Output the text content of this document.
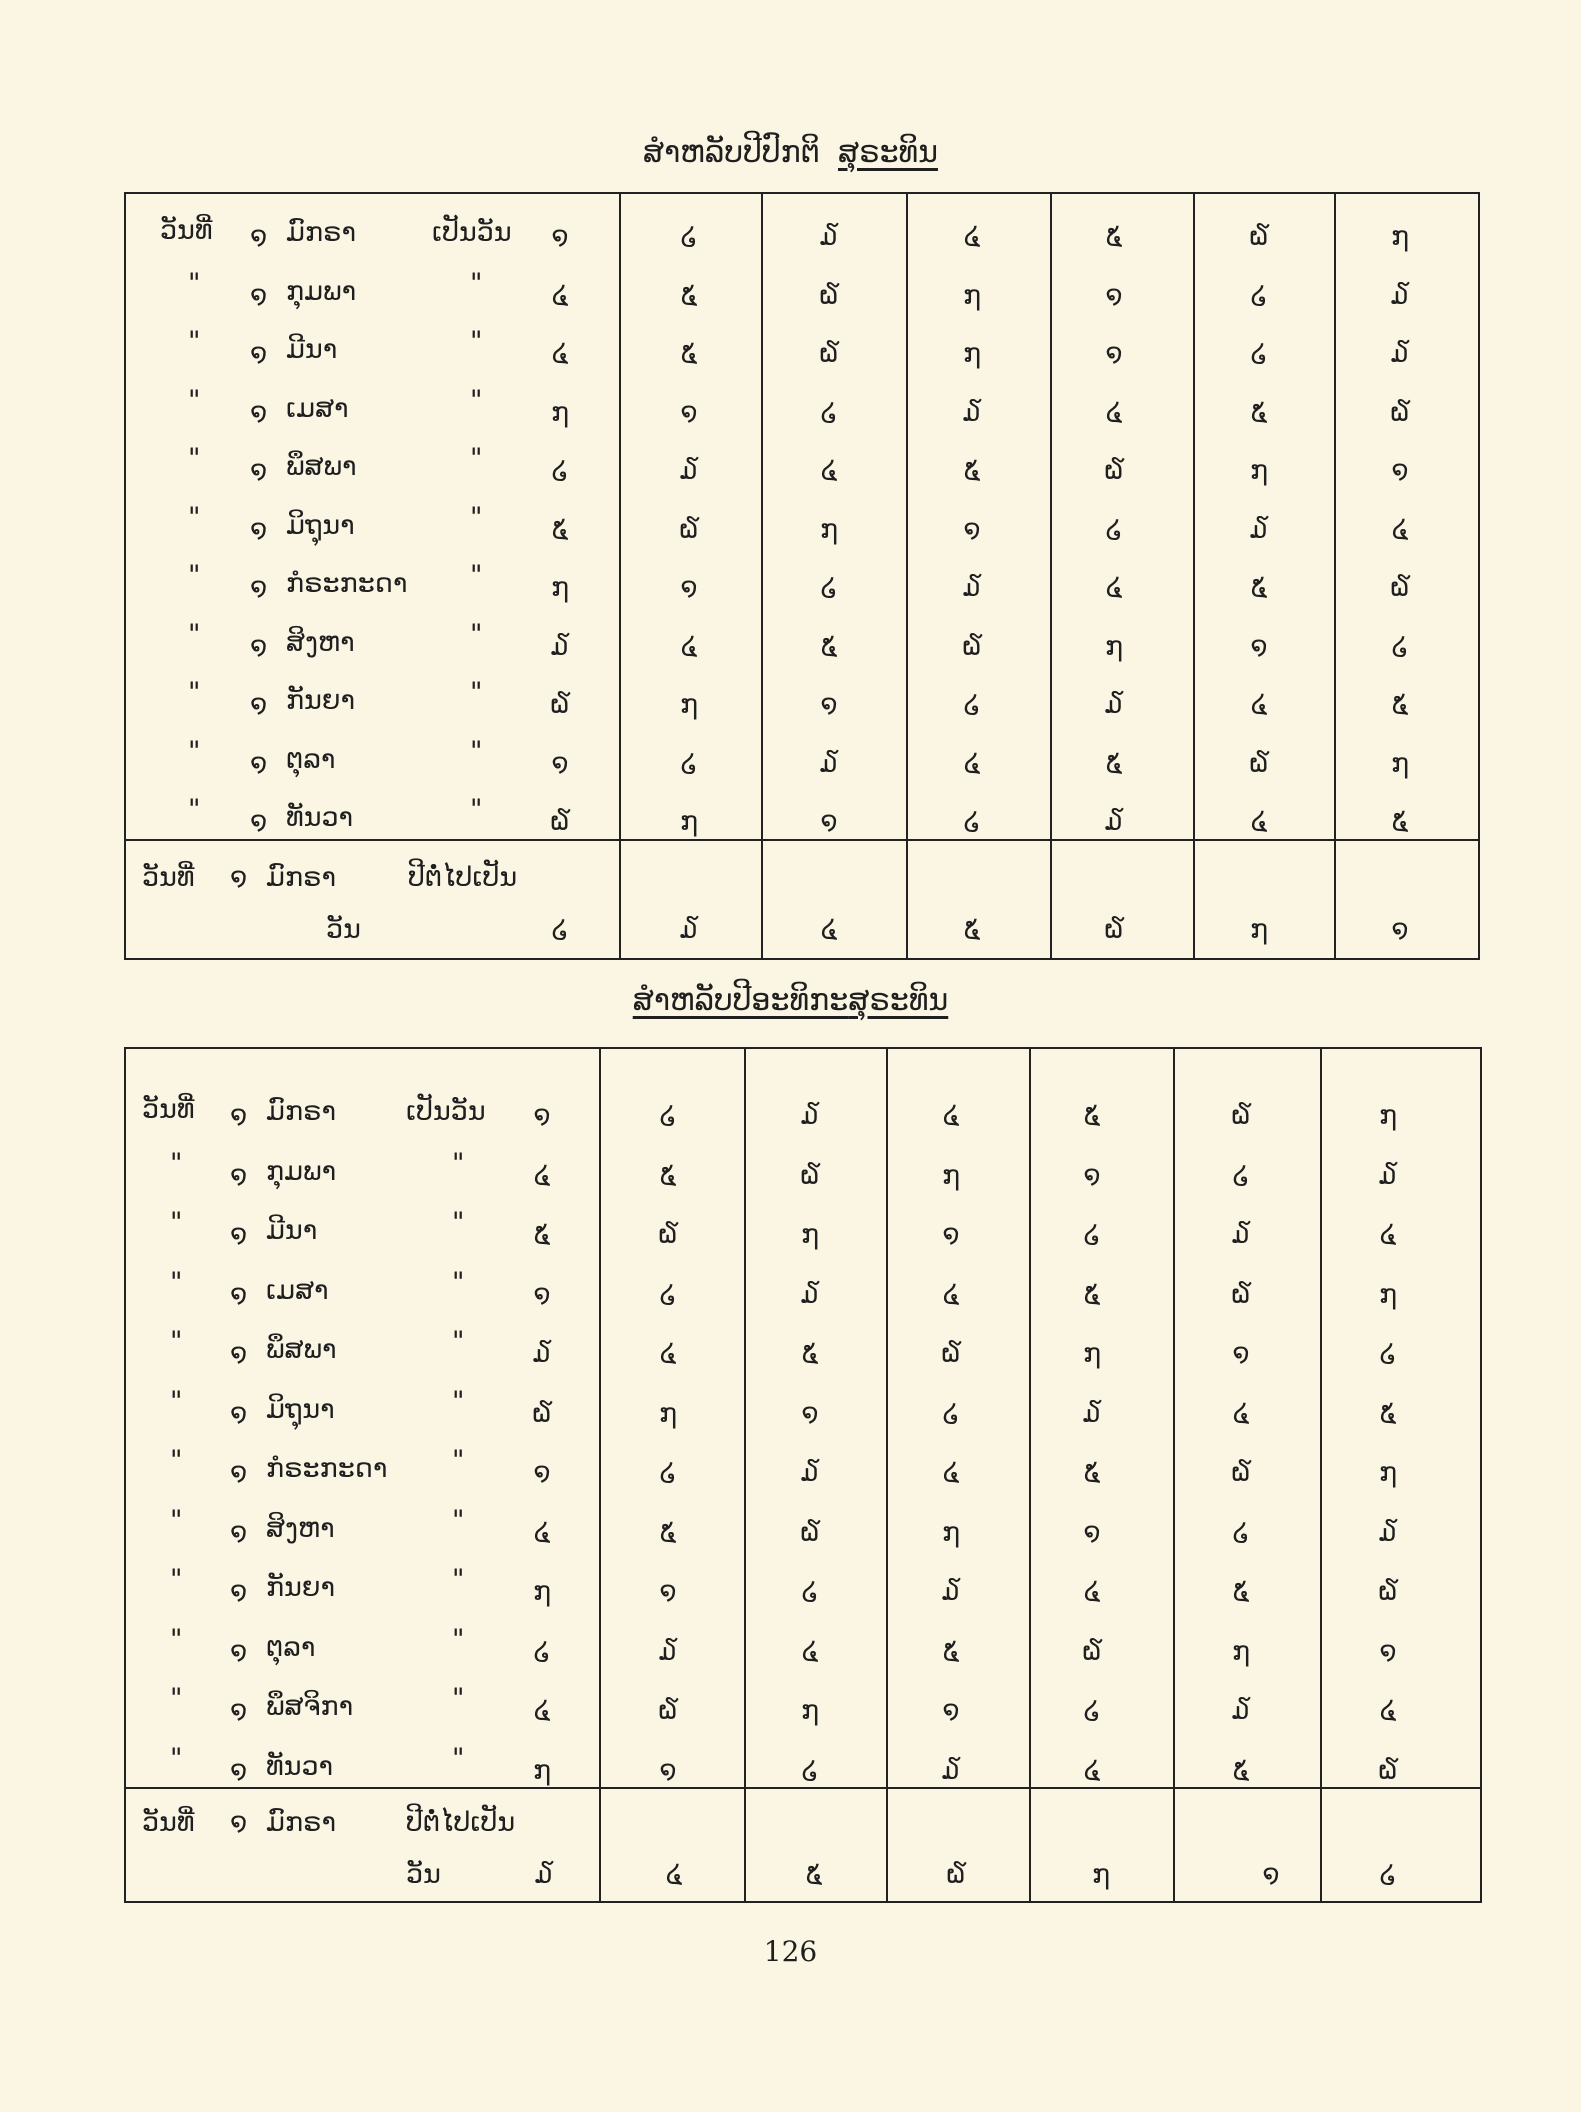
ສຳຫລັບປີປົກຕິ ສຸຣະທິນ
ວັນທີ່ ໑ ມົກຣາ	ເປັນວັນ ໑	໒	໓	໔	໕	໖	໗
" ໑ ກຸມພາ	"	໔	໕	໖	໗	໑	໒	໓
" ໑ ມີນາ	"	໔	໕	໖	໗	໑	໒	໓
" ໑ ເມສາ	"	໗	໑	໒	໓	໔	໕	໖
" ໑ ພຶສພາ	"	໒	໓	໔	໕	໖	໗	໑
" ໑ ມິຖຸນາ	"	໕	໖	໗	໑	໒	໓	໔
" ໑ ກໍຣະກະດາ "	໗	໑	໒	໓	໔	໕	໖
" ໑ ສິງຫາ	"	໓	໔	໕	໖	໗	໑	໒
" ໑ ກັນຍາ	"	໖	໗	໑	໒	໓	໔	໕
" ໑ ຕຸລາ	"	໑	໒	໓	໔	໕	໖	໗
" ໑ ທັນວາ	"	໖	໗	໑	໒	໓	໔	໕
ວັນທີ່ ໑ ມົກຣາ	ປີຕໍ່ໄປເປັນ
ວັນ	໒	໓	໔	໕	໖	໗	໑
ສຳຫລັບປີອະທິກະສຸຣະທິນ
ວັນທີ່ ໑ ມົກຣາ	ເປັນວັນ ໑	໒	໓	໔	໕	໖	໗
" ໑ ກຸມພາ	"	໔	໕	໖	໗	໑	໒	໓
" ໑ ມີນາ	"	໕	໖	໗	໑	໒	໓	໔
" ໑ ເມສາ	"	໑	໒	໓	໔	໕	໖	໗
" ໑ ພຶສພາ	"	໓	໔	໕	໖	໗	໑	໒
" ໑ ມິຖຸນາ	"	໖	໗	໑	໒	໓	໔	໕
" ໑ ກໍຣະກະດາ "	໑	໒	໓	໔	໕	໖	໗
" ໑ ສິງຫາ	"	໔	໕	໖	໗	໑	໒	໓
" ໑ ກັນຍາ	"	໗	໑	໒	໓	໔	໕	໖
" ໑ ຕຸລາ	"	໒	໓	໔	໕	໖	໗	໑
" ໑ ພຶສຈິກາ	"	໔	໖	໗	໑	໒	໓	໔
" ໑ ທັນວາ	"	໗	໑	໒	໓	໔	໕	໖
ວັນທີ່ ໑ ມົກຣາ	ປີຕໍ່ໄປເປັນ
ວັນ	໓	໔	໕	໖	໗	໑	໒
126
